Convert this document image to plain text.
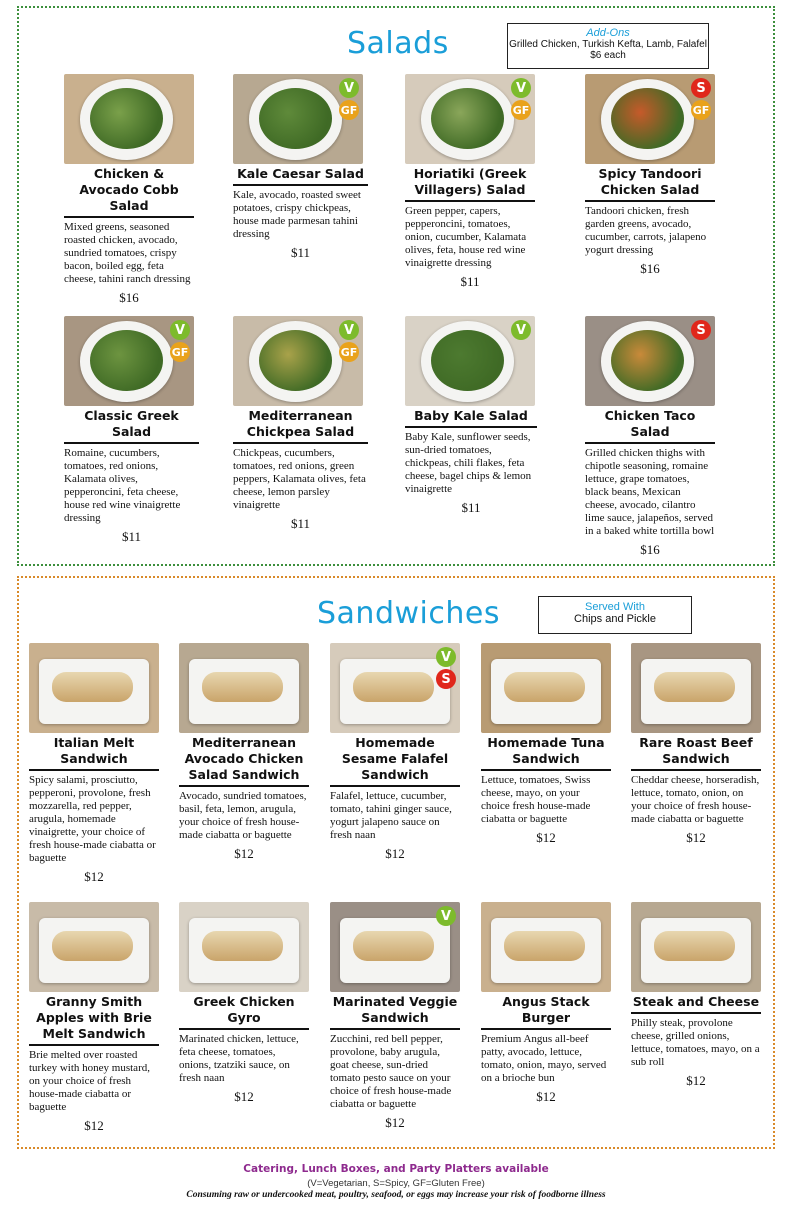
Salads	Add-Ons
Grilled Chicken, Turkish Kefta, Lamb, Falafel $6 each
Sandwiches	Served With
Chips and Pickle
Chicken & Avocado Cobb Salad
Mixed greens, seasoned roasted chicken, avocado, sundried tomatoes, crispy bacon, boiled egg, feta cheese, tahini ranch dressing
$16
V
GF
Kale Caesar Salad
Kale, avocado, roasted sweet potatoes, crispy chickpeas, house made parmesan tahini dressing
$11
V
GF
Horiatiki (Greek Villagers) Salad
Green pepper, capers, pepperoncini, tomatoes, onion, cucumber, Kalamata olives, feta, house red wine vinaigrette dressing
$11
S
GF
Spicy Tandoori Chicken Salad
Tandoori chicken, fresh garden greens, avocado, cucumber, carrots, jalapeno yogurt dressing
$16
V
GF
Classic Greek Salad
Romaine, cucumbers, tomatoes, red onions, Kalamata olives, pepperoncini, feta cheese, house red wine vinaigrette dressing
$11
V
GF
Mediterranean Chickpea Salad
Chickpeas, cucumbers, tomatoes, red onions, green peppers, Kalamata olives, feta cheese, lemon parsley vinaigrette
$11
V
Baby Kale Salad
Baby Kale, sunflower seeds, sun-dried tomatoes, chickpeas, chili flakes, feta cheese, bagel chips & lemon vinaigrette
$11
S
Chicken Taco Salad
Grilled chicken thighs with chipotle seasoning, romaine lettuce, grape tomatoes, black beans, Mexican cheese, avocado, cilantro lime sauce, jalapeños, served in a baked white tortilla bowl
$16
Italian Melt Sandwich
Spicy salami, prosciutto, pepperoni, provolone, fresh mozzarella, red pepper, arugula, homemade vinaigrette, your choice of fresh house-made ciabatta or baguette
$12
Mediterranean Avocado Chicken Salad Sandwich
Avocado, sundried tomatoes, basil, feta, lemon, arugula, your choice of fresh house-made ciabatta or baguette
$12
V
S
Homemade Sesame Falafel Sandwich
Falafel, lettuce, cucumber, tomato, tahini ginger sauce, yogurt jalapeno sauce on fresh naan
$12
Homemade Tuna Sandwich
Lettuce, tomatoes, Swiss cheese, mayo, on your choice fresh house-made ciabatta or baguette
$12
Rare Roast Beef Sandwich
Cheddar cheese, horseradish, lettuce, tomato, onion, on your choice of fresh house-made ciabatta or baguette
$12
Granny Smith Apples with Brie Melt Sandwich
Brie melted over roasted turkey with honey mustard, on your choice of fresh house-made ciabatta or baguette
$12
Greek Chicken Gyro
Marinated chicken, lettuce, feta cheese, tomatoes, onions, tzatziki sauce, on fresh naan
$12
V
Marinated Veggie Sandwich
Zucchini, red bell pepper, provolone, baby arugula, goat cheese, sun-dried tomato pesto sauce on your choice of fresh house-made ciabatta or baguette
$12
Angus Stack Burger
Premium Angus all-beef patty, avocado, lettuce, tomato, onion, mayo, served on a brioche bun
$12
Steak and Cheese
Philly steak, provolone cheese, grilled onions, lettuce, tomatoes, mayo, on a sub roll
$12
Catering, Lunch Boxes, and Party Platters available
(V=Vegetarian, S=Spicy, GF=Gluten Free)
Consuming raw or undercooked meat, poultry, seafood, or eggs may increase your risk of foodborne illness
